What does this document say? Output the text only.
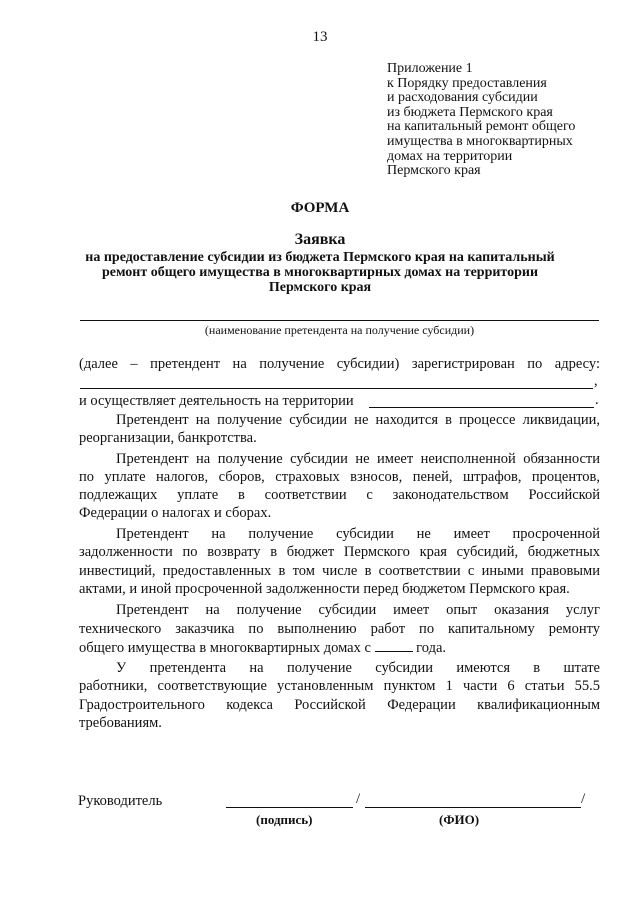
13
Приложение 1
к Порядку предоставления
и расходования субсидии
из бюджета Пермского края
на капитальный ремонт общего
имущества в многоквартирных
домах на территории
Пермского края
ФОРМА
Заявка
на предоставление субсидии из бюджета Пермского края на капитальный
ремонт общего имущества в многоквартирных домах на территории
Пермского края
(наименование претендента на получение субсидии)
(далее – претендент на получение субсидии) зарегистрирован по адресу:
,
и осуществляет деятельность на территории	.
Претендент на получение субсидии не находится в процессе ликвидации,
реорганизации, банкротства.
Претендент на получение субсидии не имеет неисполненной обязанности
по уплате налогов, сборов, страховых взносов, пеней, штрафов, процентов,
подлежащих уплате в соответствии с законодательством Российской
Федерации о налогах и сборах.
Претендент на получение субсидии не имеет просроченной
задолженности по возврату в бюджет Пермского края субсидий, бюджетных
инвестиций, предоставленных в том числе в соответствии с иными правовыми
актами, и иной просроченной задолженности перед бюджетом Пермского края.
Претендент на получение субсидии имеет опыт оказания услуг
технического заказчика по выполнению работ по капитальному ремонту
общего имущества в многоквартирных домах с	года.
У претендента на получение субсидии имеются в штате
работники, соответствующие установленным пунктом 1 части 6 статьи 55.5
Градостроительного кодекса Российской Федерации квалификационным
требованиям.
Руководитель	/	/
(подпись)	(ФИО)
